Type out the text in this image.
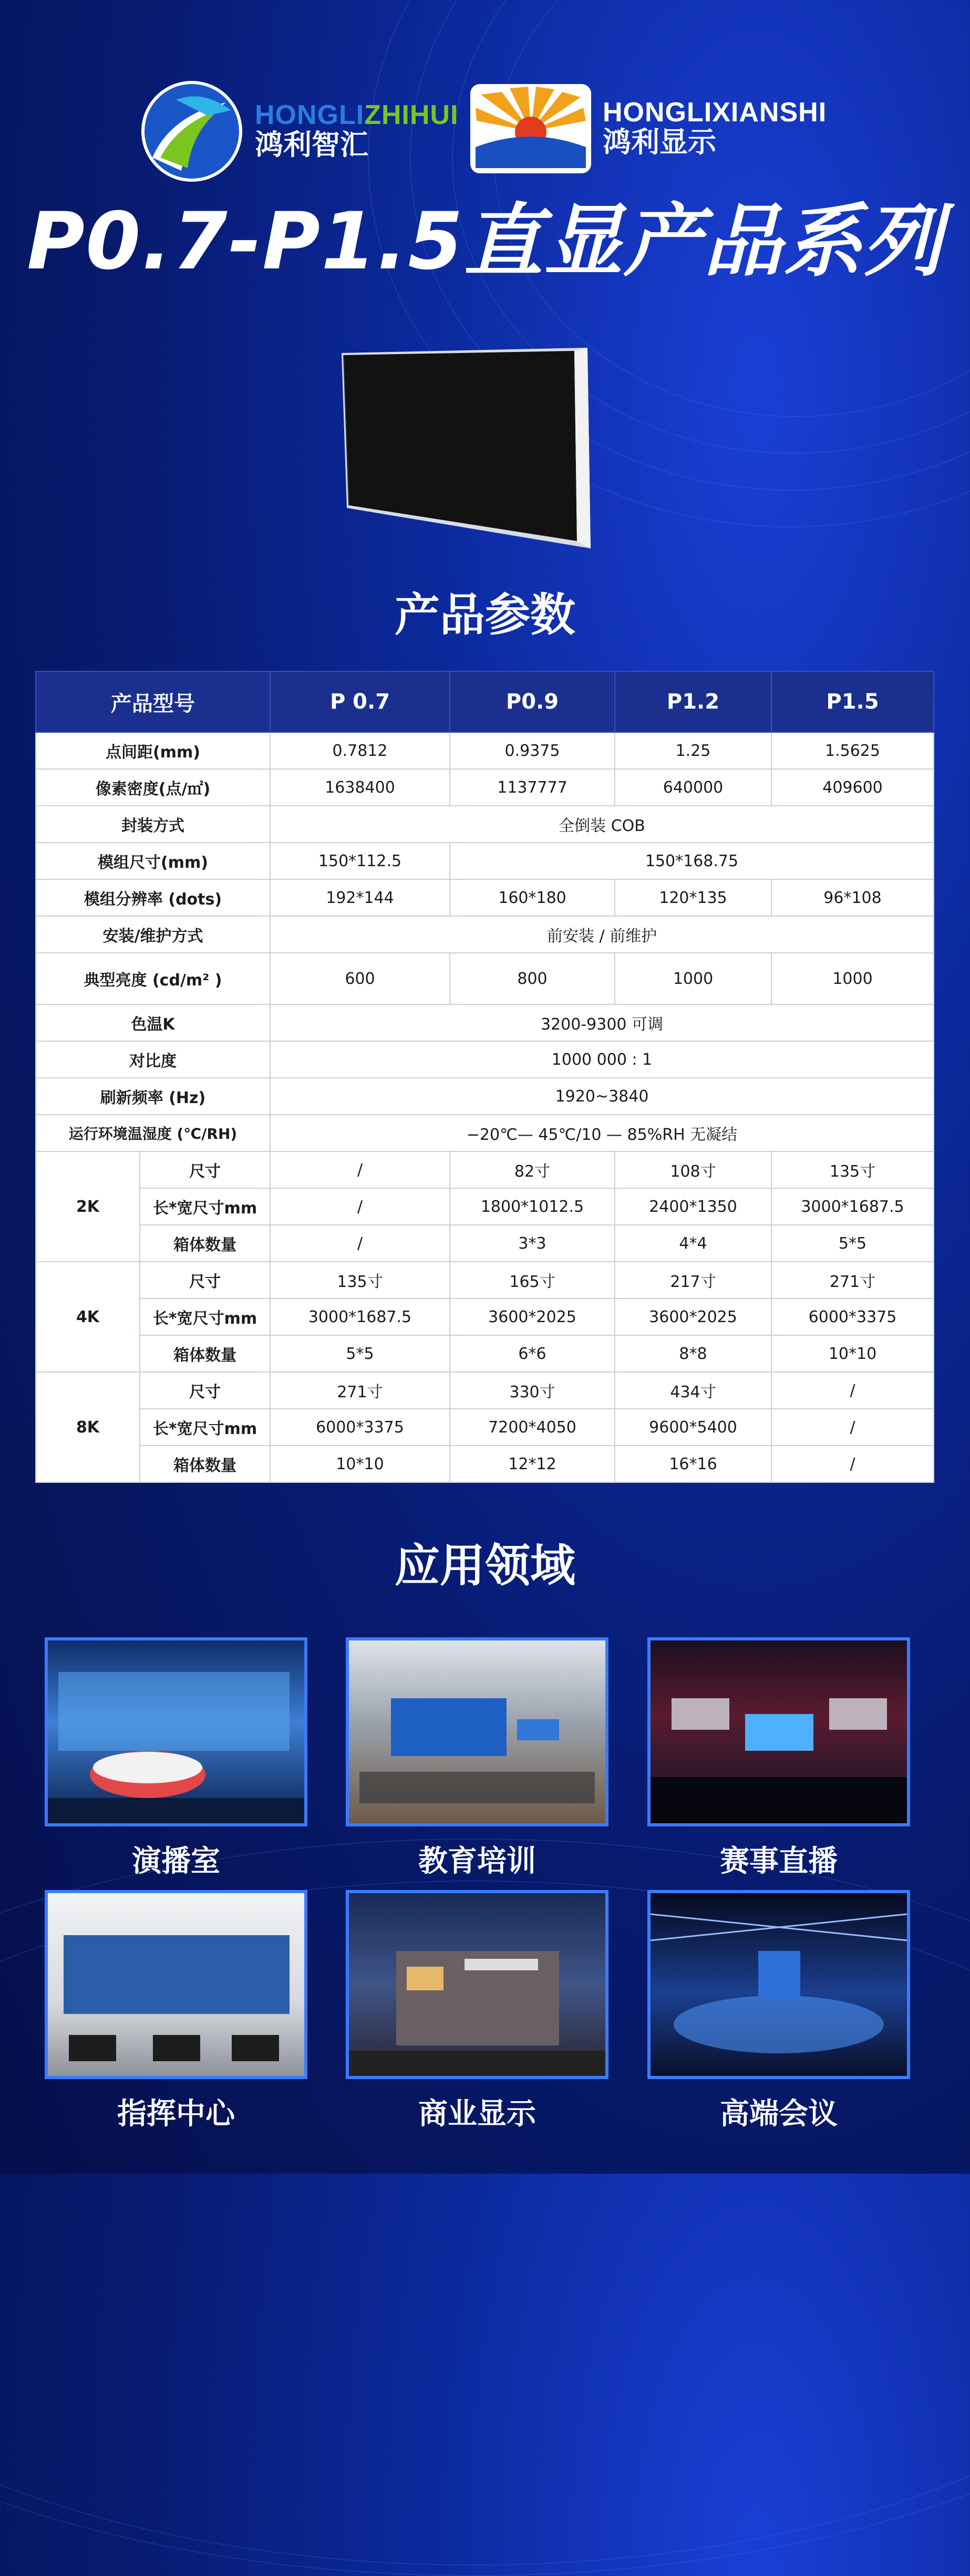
HONGLIZHIHUI
鸿利智汇
HONGLIXIANSHI
鸿利显示
P0.7-P1.5直显产品系列
产品参数
产品型号		P 0.7	P0.9	P1.2	P1.5
点间距(mm)		0.7812	0.9375	1.25	1.5625
像素密度(点/㎡)		1638400	1137777	640000	409600
封装方式		全倒装 COB			
模组尺寸(mm)		150*112.5	150*168.75		
模组分辨率 (dots)		192*144	160*180	120*135	96*108
安装/维护方式		前安装 / 前维护			
典型亮度 (cd/m² )		600	800	1000	1000
色温K		3200-9300 可调			
对比度		1000 000 : 1			
刷新频率 (Hz)		1920~3840			
运行环境温湿度 (℃/RH)		−20℃— 45℃/10 — 85%RH 无凝结			
2K	尺寸	/	82寸	108寸	135寸
	长*宽尺寸mm	/	1800*1012.5	2400*1350	3000*1687.5
	箱体数量	/	3*3	4*4	5*5
4K	尺寸	135寸	165寸	217寸	271寸
	长*宽尺寸mm	3000*1687.5	3600*2025	3600*2025	6000*3375
	箱体数量	5*5	6*6	8*8	10*10
8K	尺寸	271寸	330寸	434寸	/
	长*宽尺寸mm	6000*3375	7200*4050	9600*5400	/
	箱体数量	10*10	12*12	16*16	/
应用领域
演播室	教育培训	赛事直播
指挥中心	商业显示	高端会议
